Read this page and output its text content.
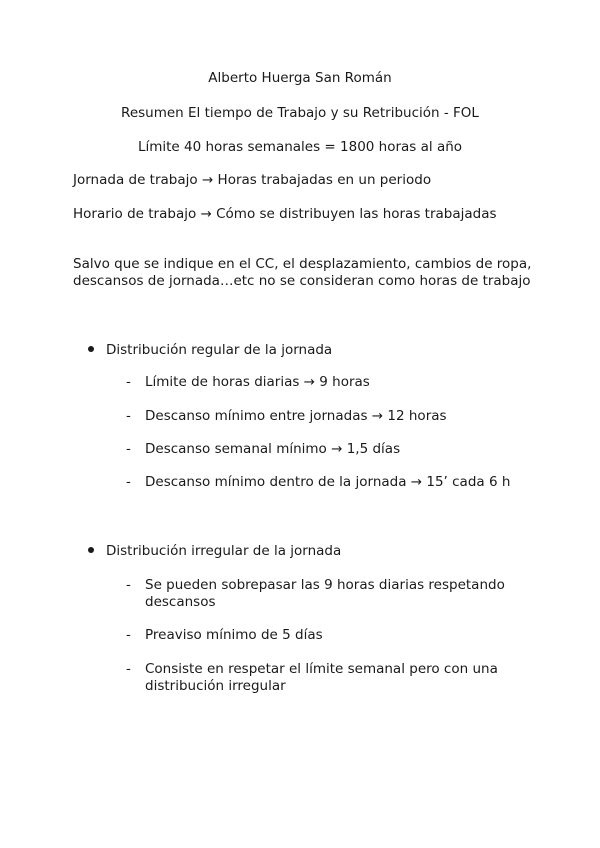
Alberto Huerga San Román
Resumen El tiempo de Trabajo y su Retribución - FOL
Límite 40 horas semanales = 1800 horas al año
Jornada de trabajo → Horas trabajadas en un periodo
Horario de trabajo → Cómo se distribuyen las horas trabajadas
Salvo que se indique en el CC, el desplazamiento, cambios de ropa, descansos de jornada…etc no se consideran como horas de trabajo
Distribución regular de la jornada
- Límite de horas diarias → 9 horas
- Descanso mínimo entre jornadas → 12 horas
- Descanso semanal mínimo → 1,5 días
- Descanso mínimo dentro de la jornada → 15’ cada 6 h
Distribución irregular de la jornada
- Se pueden sobrepasar las 9 horas diarias respetando descansos
- Preaviso mínimo de 5 días
- Consiste en respetar el límite semanal pero con una distribución irregular
